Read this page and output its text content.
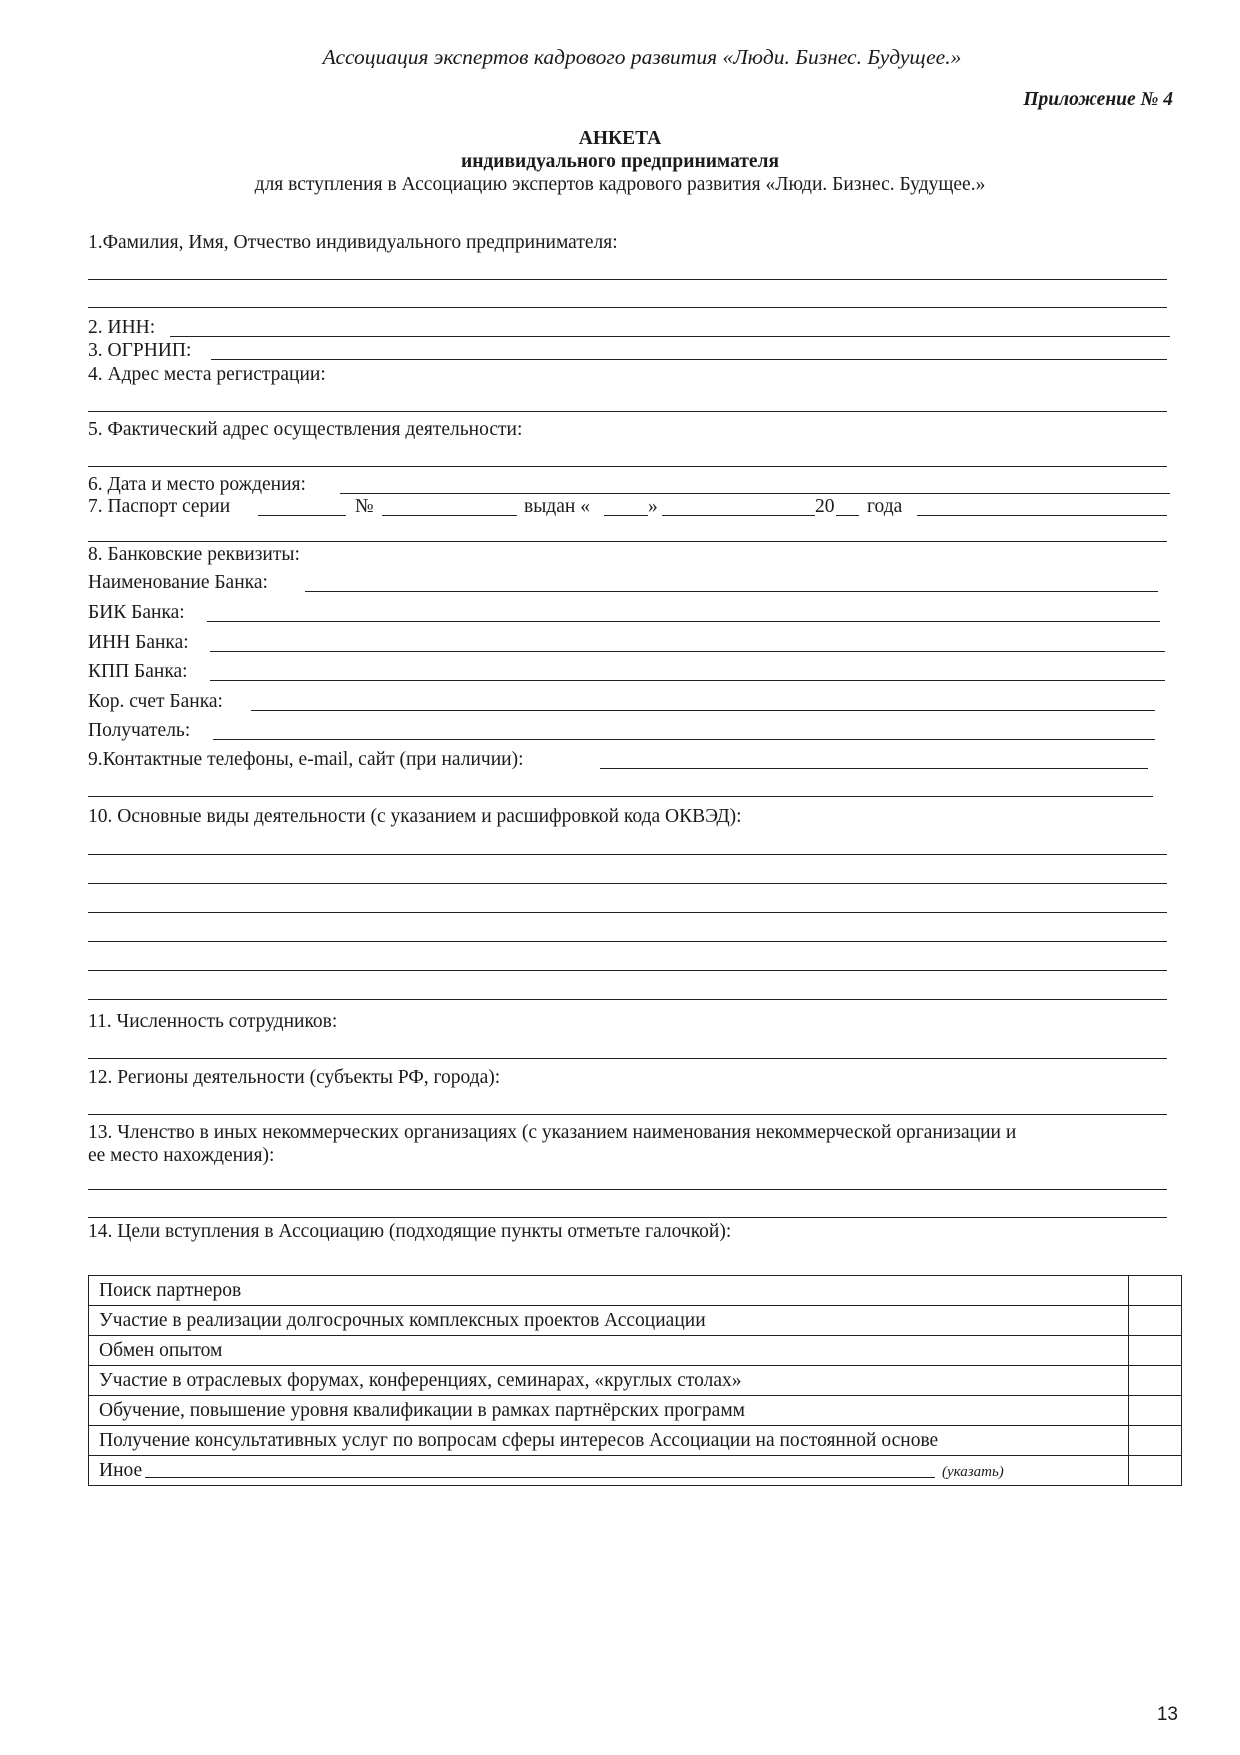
Ассоциация экспертов кадрового развития «Люди. Бизнес. Будущее.»
Приложение № 4
АНКЕТА
индивидуального предпринимателя
для вступления в Ассоциацию экспертов кадрового развития «Люди. Бизнес. Будущее.»
1.Фамилия, Имя, Отчество индивидуального предпринимателя:
2. ИНН:
3. ОГРНИП:
4. Адрес места регистрации:
5. Фактический адрес осуществления деятельности:
6. Дата и место рождения:
7. Паспорт серии	№	выдан «	»	20 года
8. Банковские реквизиты:
Наименование Банка:
БИК Банка:
ИНН Банка:
КПП Банка:
Кор. счет Банка:
Получатель:
9.Контактные телефоны, e-mail, сайт (при наличии):
10. Основные виды деятельности (с указанием и расшифровкой кода ОКВЭД):
11. Численность сотрудников:
12. Регионы деятельности (субъекты РФ, города):
13. Членство в иных некоммерческих организациях (с указанием наименования некоммерческой организации и
ее место нахождения):
14. Цели вступления в Ассоциацию (подходящие пункты отметьте галочкой):
Поиск партнеров	
Участие в реализации долгосрочных комплексных проектов Ассоциации	
Обмен опытом	
Участие в отраслевых форумах, конференциях, семинарах, «круглых столах»	
Обучение, повышение уровня квалификации в рамках партнёрских программ	
Получение консультативных услуг по вопросам сферы интересов Ассоциации на постоянной основе	
Иное (указать)	

13
